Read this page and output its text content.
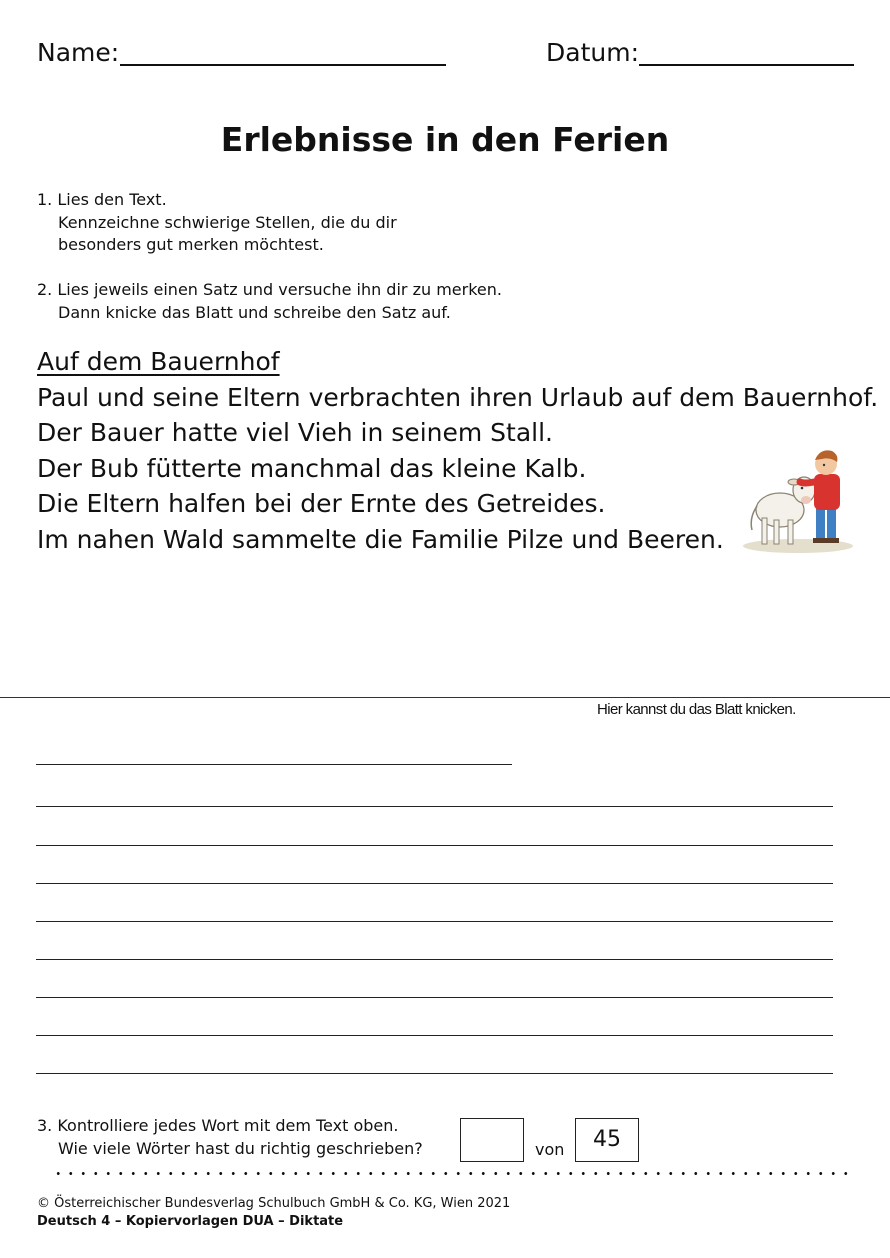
Name:	Datum:
Erlebnisse in den Ferien
1. Lies den Text.
Kennzeichne schwierige Stellen, die du dir
besonders gut merken möchtest.
2. Lies jeweils einen Satz und versuche ihn dir zu merken.
Dann knicke das Blatt und schreibe den Satz auf.
Auf dem Bauernhof
Paul und seine Eltern verbrachten ihren Urlaub auf dem Bauernhof.
Der Bauer hatte viel Vieh in seinem Stall.
Der Bub fütterte manchmal das kleine Kalb.
Die Eltern halfen bei der Ernte des Getreides.
Im nahen Wald sammelte die Familie Pilze und Beeren.
Hier kannst du das Blatt knicken.
3. Kontrolliere jedes Wort mit dem Text oben.
Wie viele Wörter hast du richtig geschrieben?	von	45
© Österreichischer Bundesverlag Schulbuch GmbH & Co. KG, Wien 2021
Deutsch 4 – Kopiervorlagen DUA – Diktate
